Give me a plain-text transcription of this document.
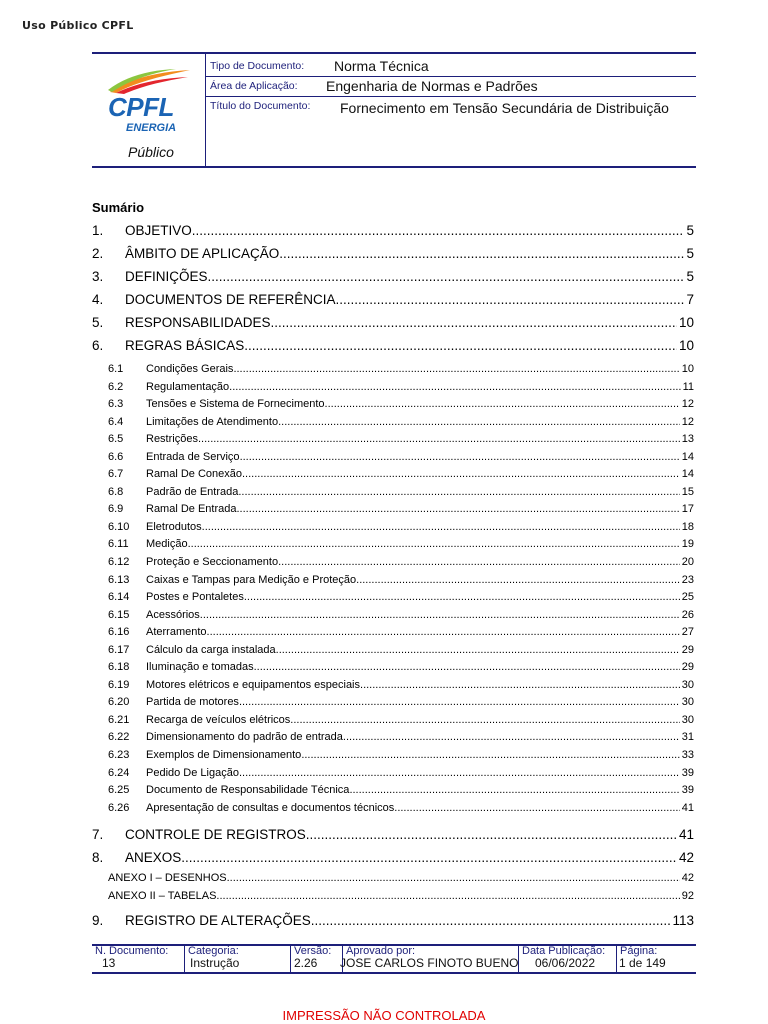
Uso Público CPFL
CPFL
ENERGIA
Público
Tipo de Documento: Norma Técnica
Área de Aplicação: Engenharia de Normas e Padrões
Título do Documento: Fornecimento em Tensão Secundária de Distribuição
Sumário
1.	OBJETIVO .....	5
2.	ÂMBITO DE APLICAÇÃO .....	5
3.	DEFINIÇÕES .....	5
4.	DOCUMENTOS DE REFERÊNCIA .....	7
5.	RESPONSABILIDADES .....	10
6.	REGRAS BÁSICAS .....	10
6.1	Condições Gerais .....	10
6.2	Regulamentação .....	11
6.3	Tensões e Sistema de Fornecimento .....	12
6.4	Limitações de Atendimento .....	12
6.5	Restrições .....	13
6.6	Entrada de Serviço .....	14
6.7	Ramal De Conexão .....	14
6.8	Padrão de Entrada .....	15
6.9	Ramal De Entrada .....	17
6.10	Eletrodutos .....	18
6.11	Medição .....	19
6.12	Proteção e Seccionamento .....	20
6.13	Caixas e Tampas para Medição e Proteção .....	23
6.14	Postes e Pontaletes .....	25
6.15	Acessórios .....	26
6.16	Aterramento .....	27
6.17	Cálculo da carga instalada .....	29
6.18	Iluminação e tomadas .....	29
6.19	Motores elétricos e equipamentos especiais .....	30
6.20	Partida de motores .....	30
6.21	Recarga de veículos elétricos .....	30
6.22	Dimensionamento do padrão de entrada .....	31
6.23	Exemplos de Dimensionamento .....	33
6.24	Pedido De Ligação .....	39
6.25	Documento de Responsabilidade Técnica .....	39
6.26	Apresentação de consultas e documentos técnicos .....	41
7.	CONTROLE DE REGISTROS .....	41
8.	ANEXOS .....	42
ANEXO I – DESENHOS .....	42
ANEXO II – TABELAS .....	92
9.	REGISTRO DE ALTERAÇÕES .....	113
N. Documento:
13
Categoria:
Instrução
Versão:
2.26
Aprovado por:
JOSE CARLOS FINOTO BUENO
Data Publicação:
06/06/2022
Página:
1 de 149
IMPRESSÃO NÃO CONTROLADA
